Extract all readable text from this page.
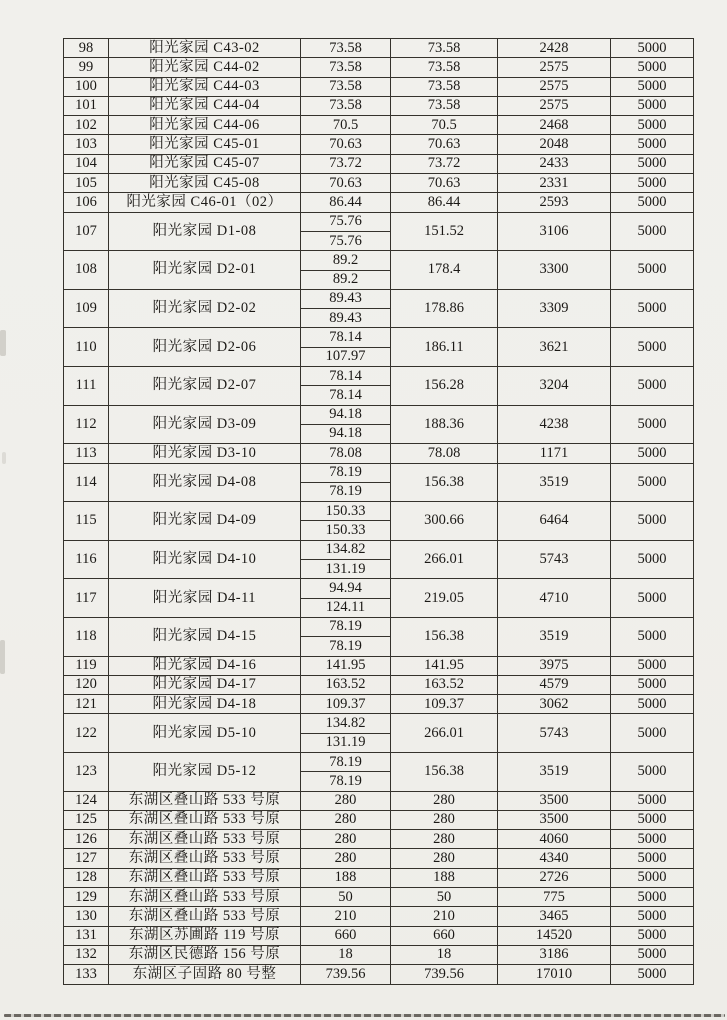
98	阳光家园 C43-02	73.58	73.58	2428	5000
99	阳光家园 C44-02	73.58	73.58	2575	5000
100	阳光家园 C44-03	73.58	73.58	2575	5000
101	阳光家园 C44-04	73.58	73.58	2575	5000
102	阳光家园 C44-06	70.5	70.5	2468	5000
103	阳光家园 C45-01	70.63	70.63	2048	5000
104	阳光家园 C45-07	73.72	73.72	2433	5000
105	阳光家园 C45-08	70.63	70.63	2331	5000
106	阳光家园 C46-01（02）	86.44	86.44	2593	5000
107	阳光家园 D1-08	75.76	151.52	3106	5000
		75.76			
108	阳光家园 D2-01	89.2	178.4	3300	5000
		89.2			
109	阳光家园 D2-02	89.43	178.86	3309	5000
		89.43			
110	阳光家园 D2-06	78.14	186.11	3621	5000
		107.97			
111	阳光家园 D2-07	78.14	156.28	3204	5000
		78.14			
112	阳光家园 D3-09	94.18	188.36	4238	5000
		94.18			
113	阳光家园 D3-10	78.08	78.08	1171	5000
114	阳光家园 D4-08	78.19	156.38	3519	5000
		78.19			
115	阳光家园 D4-09	150.33	300.66	6464	5000
		150.33			
116	阳光家园 D4-10	134.82	266.01	5743	5000
		131.19			
117	阳光家园 D4-11	94.94	219.05	4710	5000
		124.11			
118	阳光家园 D4-15	78.19	156.38	3519	5000
		78.19			
119	阳光家园 D4-16	141.95	141.95	3975	5000
120	阳光家园 D4-17	163.52	163.52	4579	5000
121	阳光家园 D4-18	109.37	109.37	3062	5000
122	阳光家园 D5-10	134.82	266.01	5743	5000
		131.19			
123	阳光家园 D5-12	78.19	156.38	3519	5000
		78.19			
124	东湖区叠山路 533 号原	280	280	3500	5000
125	东湖区叠山路 533 号原	280	280	3500	5000
126	东湖区叠山路 533 号原	280	280	4060	5000
127	东湖区叠山路 533 号原	280	280	4340	5000
128	东湖区叠山路 533 号原	188	188	2726	5000
129	东湖区叠山路 533 号原	50	50	775	5000
130	东湖区叠山路 533 号原	210	210	3465	5000
131	东湖区苏圃路 119 号原	660	660	14520	5000
132	东湖区民德路 156 号原	18	18	3186	5000
133	东湖区子固路 80 号整	739.56	739.56	17010	5000
